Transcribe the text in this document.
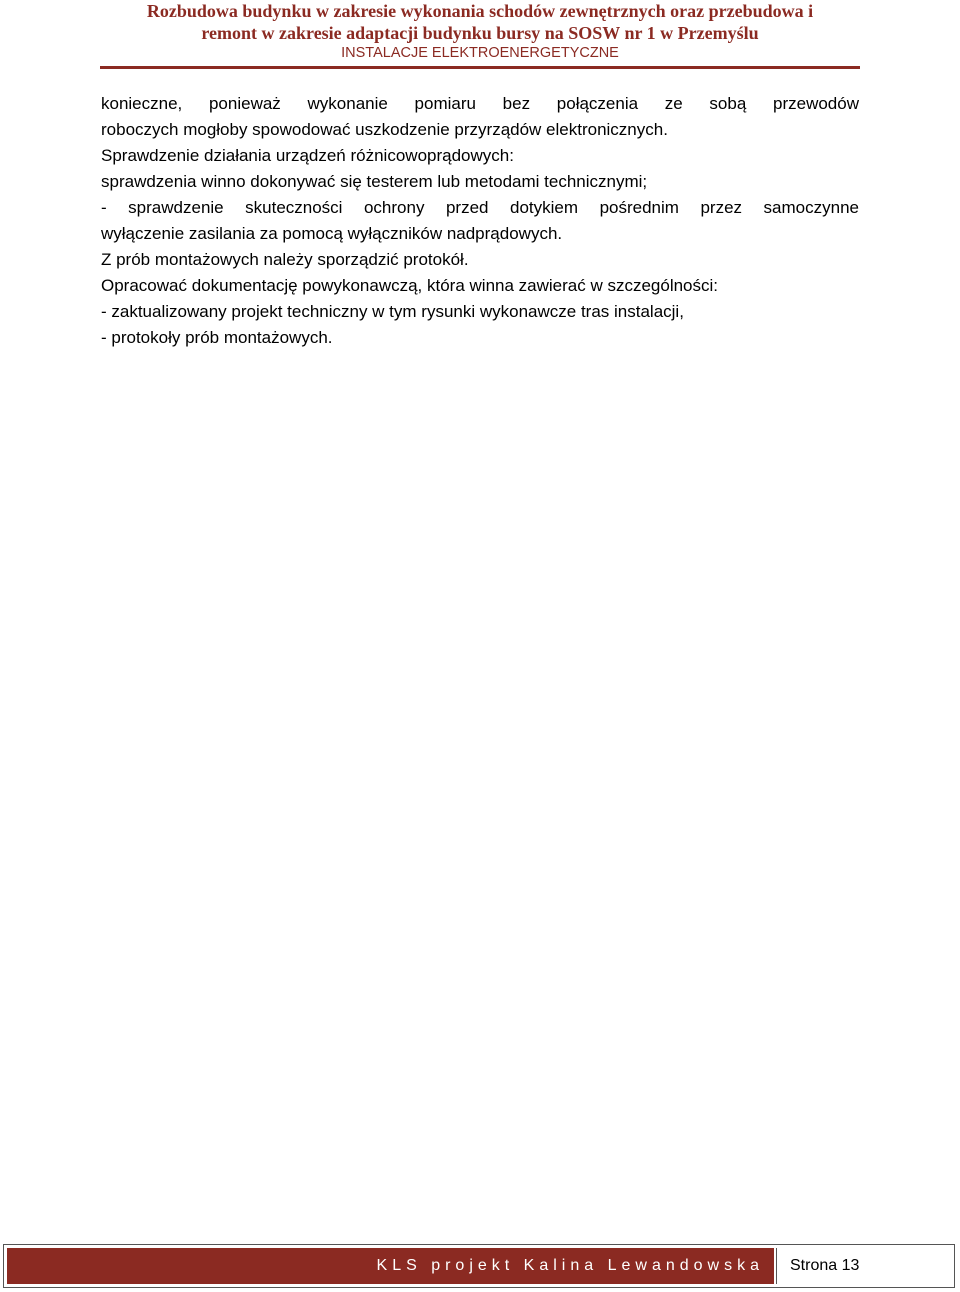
Rozbudowa budynku w zakresie wykonania schodów zewnętrznych oraz przebudowa i
remont w zakresie adaptacji budynku bursy na SOSW nr 1 w Przemyślu
INSTALACJE ELEKTROENERGETYCZNE

konieczne, ponieważ wykonanie pomiaru bez połączenia ze sobą przewodów

roboczych mogłoby spowodować uszkodzenie przyrządów elektronicznych.

Sprawdzenie działania urządzeń różnicowoprądowych:

sprawdzenia winno dokonywać się testerem lub metodami technicznymi;

- sprawdzenie skuteczności ochrony przed dotykiem pośrednim przez samoczynne

wyłączenie zasilania za pomocą wyłączników nadprądowych.

Z prób montażowych należy sporządzić protokół.

Opracować dokumentację powykonawczą, która winna zawierać w szczególności:

- zaktualizowany projekt techniczny w tym rysunki wykonawcze tras instalacji,

- protokoły prób montażowych.

KLS projekt Kalina Lewandowska	Strona 13
